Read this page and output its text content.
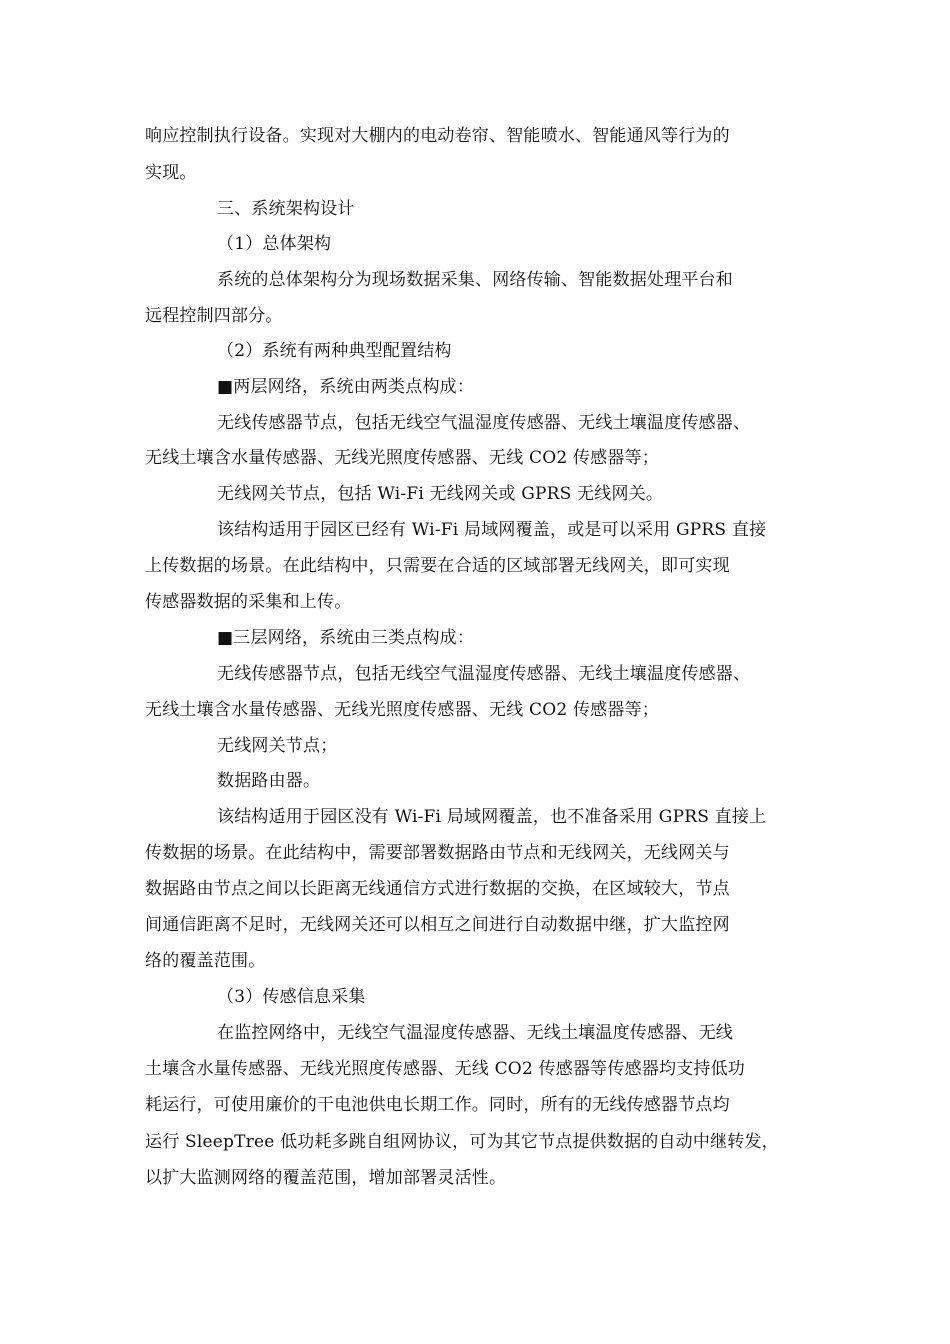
响应控制执行设备。实现对大棚内的电动卷帘、智能喷水、智能通风等行为的
实现。
三、系统架构设计
（1）总体架构
系统的总体架构分为现场数据采集、网络传输、智能数据处理平台和
远程控制四部分。
（2）系统有两种典型配置结构
■两层网络，系统由两类点构成：
无线传感器节点，包括无线空气温湿度传感器、无线土壤温度传感器、
无线土壤含水量传感器、无线光照度传感器、无线 CO2 传感器等；
无线网关节点，包括 Wi-Fi 无线网关或 GPRS 无线网关。
该结构适用于园区已经有 Wi-Fi 局域网覆盖，或是可以采用 GPRS 直接
上传数据的场景。在此结构中，只需要在合适的区域部署无线网关，即可实现
传感器数据的采集和上传。
■三层网络，系统由三类点构成：
无线传感器节点，包括无线空气温湿度传感器、无线土壤温度传感器、
无线土壤含水量传感器、无线光照度传感器、无线 CO2 传感器等；
无线网关节点；
数据路由器。
该结构适用于园区没有 Wi-Fi 局域网覆盖，也不准备采用 GPRS 直接上
传数据的场景。在此结构中，需要部署数据路由节点和无线网关，无线网关与
数据路由节点之间以长距离无线通信方式进行数据的交换，在区域较大，节点
间通信距离不足时，无线网关还可以相互之间进行自动数据中继，扩大监控网
络的覆盖范围。
（3）传感信息采集
在监控网络中，无线空气温湿度传感器、无线土壤温度传感器、无线
土壤含水量传感器、无线光照度传感器、无线 CO2 传感器等传感器均支持低功
耗运行，可使用廉价的干电池供电长期工作。同时，所有的无线传感器节点均
运行 SleepTree 低功耗多跳自组网协议，可为其它节点提供数据的自动中继转发，
以扩大监测网络的覆盖范围，增加部署灵活性。
